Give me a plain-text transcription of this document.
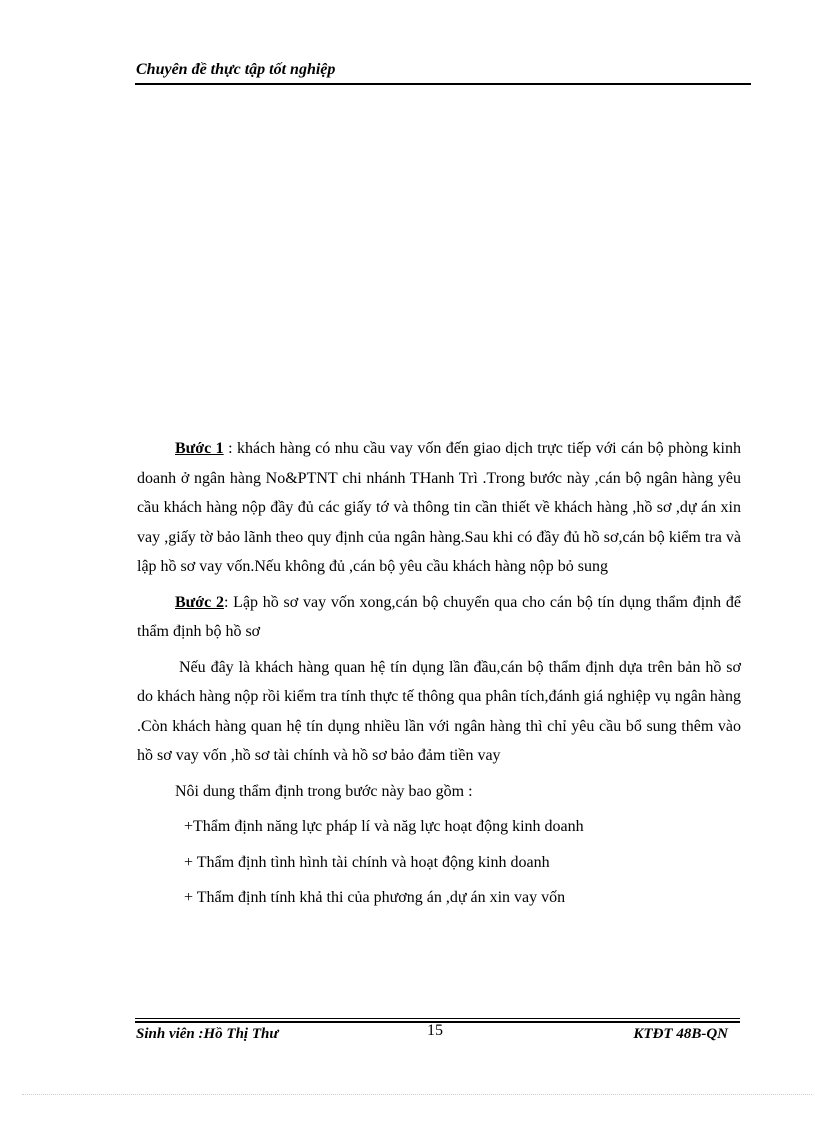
Chuyên đề thực tập tốt nghiệp

Bước 1 : khách hàng có nhu cầu vay vốn đến giao dịch trực tiếp với cán bộ phòng kinh doanh ở ngân hàng No&PTNT chi nhánh THanh Trì .Trong bước này ,cán bộ ngân hàng yêu cầu khách hàng nộp đầy đủ các giấy tớ và thông tin cần thiết về khách hàng ,hồ sơ ,dự án xin vay ,giấy tờ bảo lãnh theo quy định của ngân hàng.Sau khi có đầy đủ hồ sơ,cán bộ kiểm tra và lập hồ sơ vay vốn.Nếu không đủ ,cán bộ yêu cầu khách hàng nộp bỏ sung

Bước 2: Lập hồ sơ vay vốn xong,cán bộ chuyển qua cho cán bộ tín dụng thẩm định để thẩm định bộ hồ sơ

Nếu đây là khách hàng quan hệ tín dụng lần đầu,cán bộ thẩm định dựa trên bản hồ sơ do khách hàng nộp rồi kiểm tra tính thực tế thông qua phân tích,đánh giá nghiệp vụ ngân hàng .Còn khách hàng quan hệ tín dụng nhiều lần với ngân hàng thì chỉ yêu cầu bổ sung thêm vào hồ sơ vay vốn ,hồ sơ tài chính và hồ sơ bảo đảm tiền vay

Nôi dung thẩm định trong bước này bao gồm :

+Thẩm định năng lực pháp lí và năg lực hoạt động kinh doanh

+ Thẩm định tình hình tài chính và hoạt động kinh doanh

+ Thẩm định tính khả thi của phương án ,dự án xin vay vốn

Sinh viên :Hồ Thị Thư	15	KTĐT 48B-QN
